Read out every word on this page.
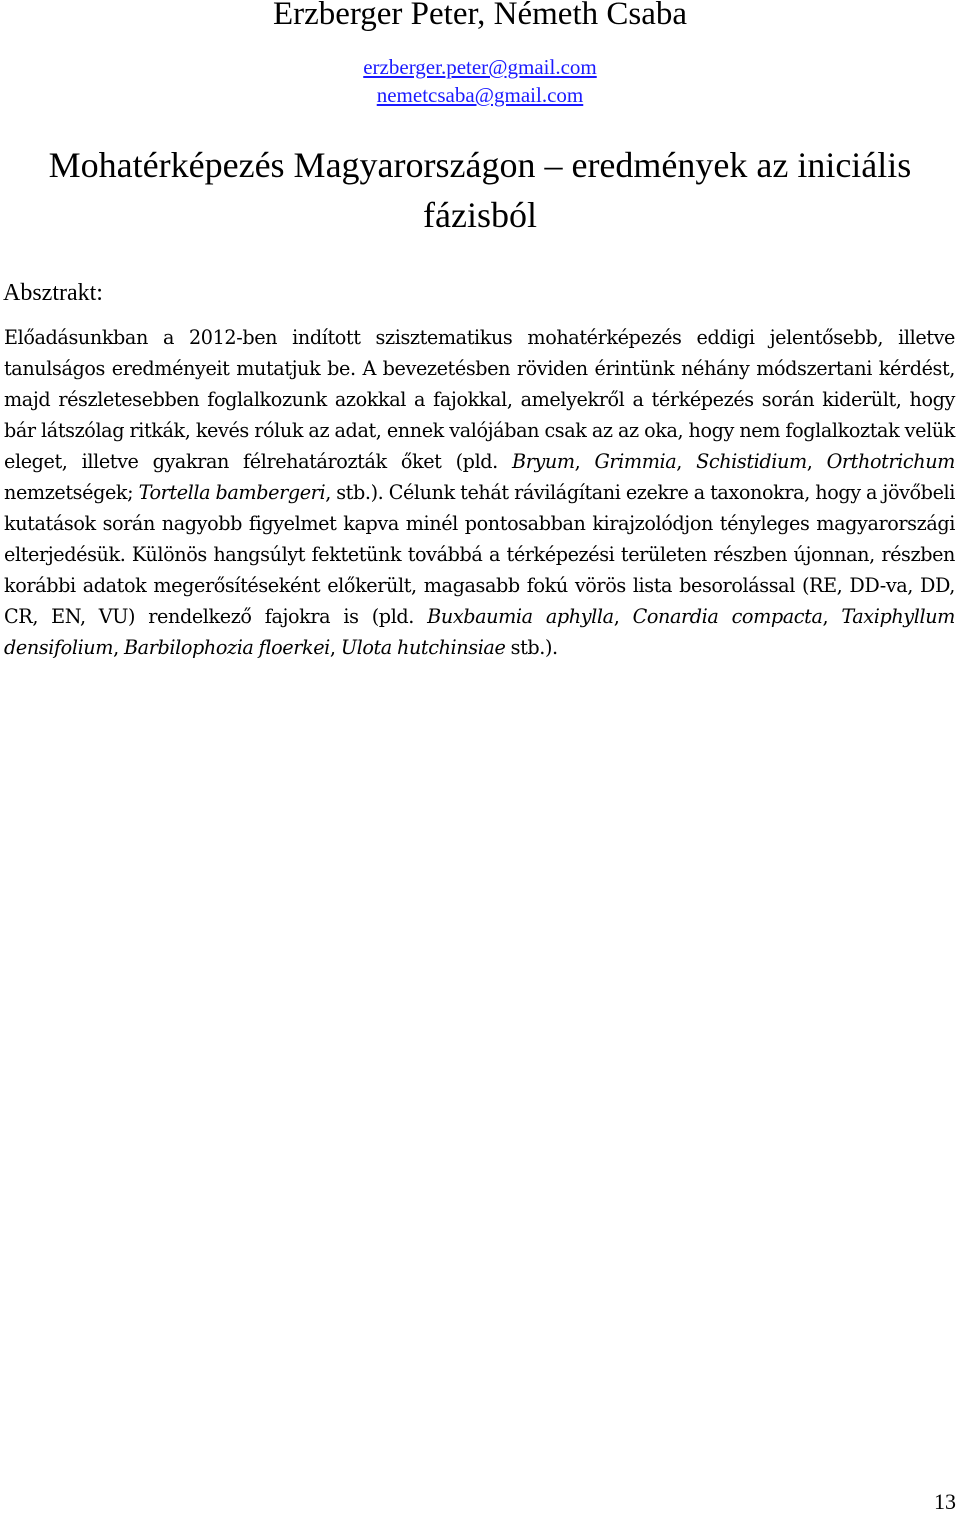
Erzberger Peter, Németh Csaba
erzberger.peter@gmail.com
nemetcsaba@gmail.com
Mohatérképezés Magyarországon – eredmények az iniciális fázisból
Absztrakt:
Előadásunkban a 2012-ben indított szisztematikus mohatérképezés eddigi jelentősebb, illetve tanulságos eredményeit mutatjuk be. A bevezetésben röviden érintünk néhány módszertani kérdést, majd részletesebben foglalkozunk azokkal a fajokkal, amelyekről a térképezés során kiderült, hogy bár látszólag ritkák, kevés róluk az adat, ennek valójában csak az az oka, hogy nem foglalkoztak velük eleget, illetve gyakran félrehatározták őket (pld. Bryum, Grimmia, Schistidium, Orthotrichum nemzetségek; Tortella bambergeri, stb.). Célunk tehát rávilágítani ezekre a taxonokra, hogy a jövőbeli kutatások során nagyobb figyelmet kapva minél pontosabban kirajzolódjon tényleges magyarországi elterjedésük. Különös hangsúlyt fektetünk továbbá a térképezési területen részben újonnan, részben korábbi adatok megerősítéseként előkerült, magasabb fokú vörös lista besorolással (RE, DD-va, DD, CR, EN, VU) rendelkező fajokra is (pld. Buxbaumia aphylla, Conardia compacta, Taxiphyllum densifolium, Barbilophozia floerkei, Ulota hutchinsiae stb.).
13
